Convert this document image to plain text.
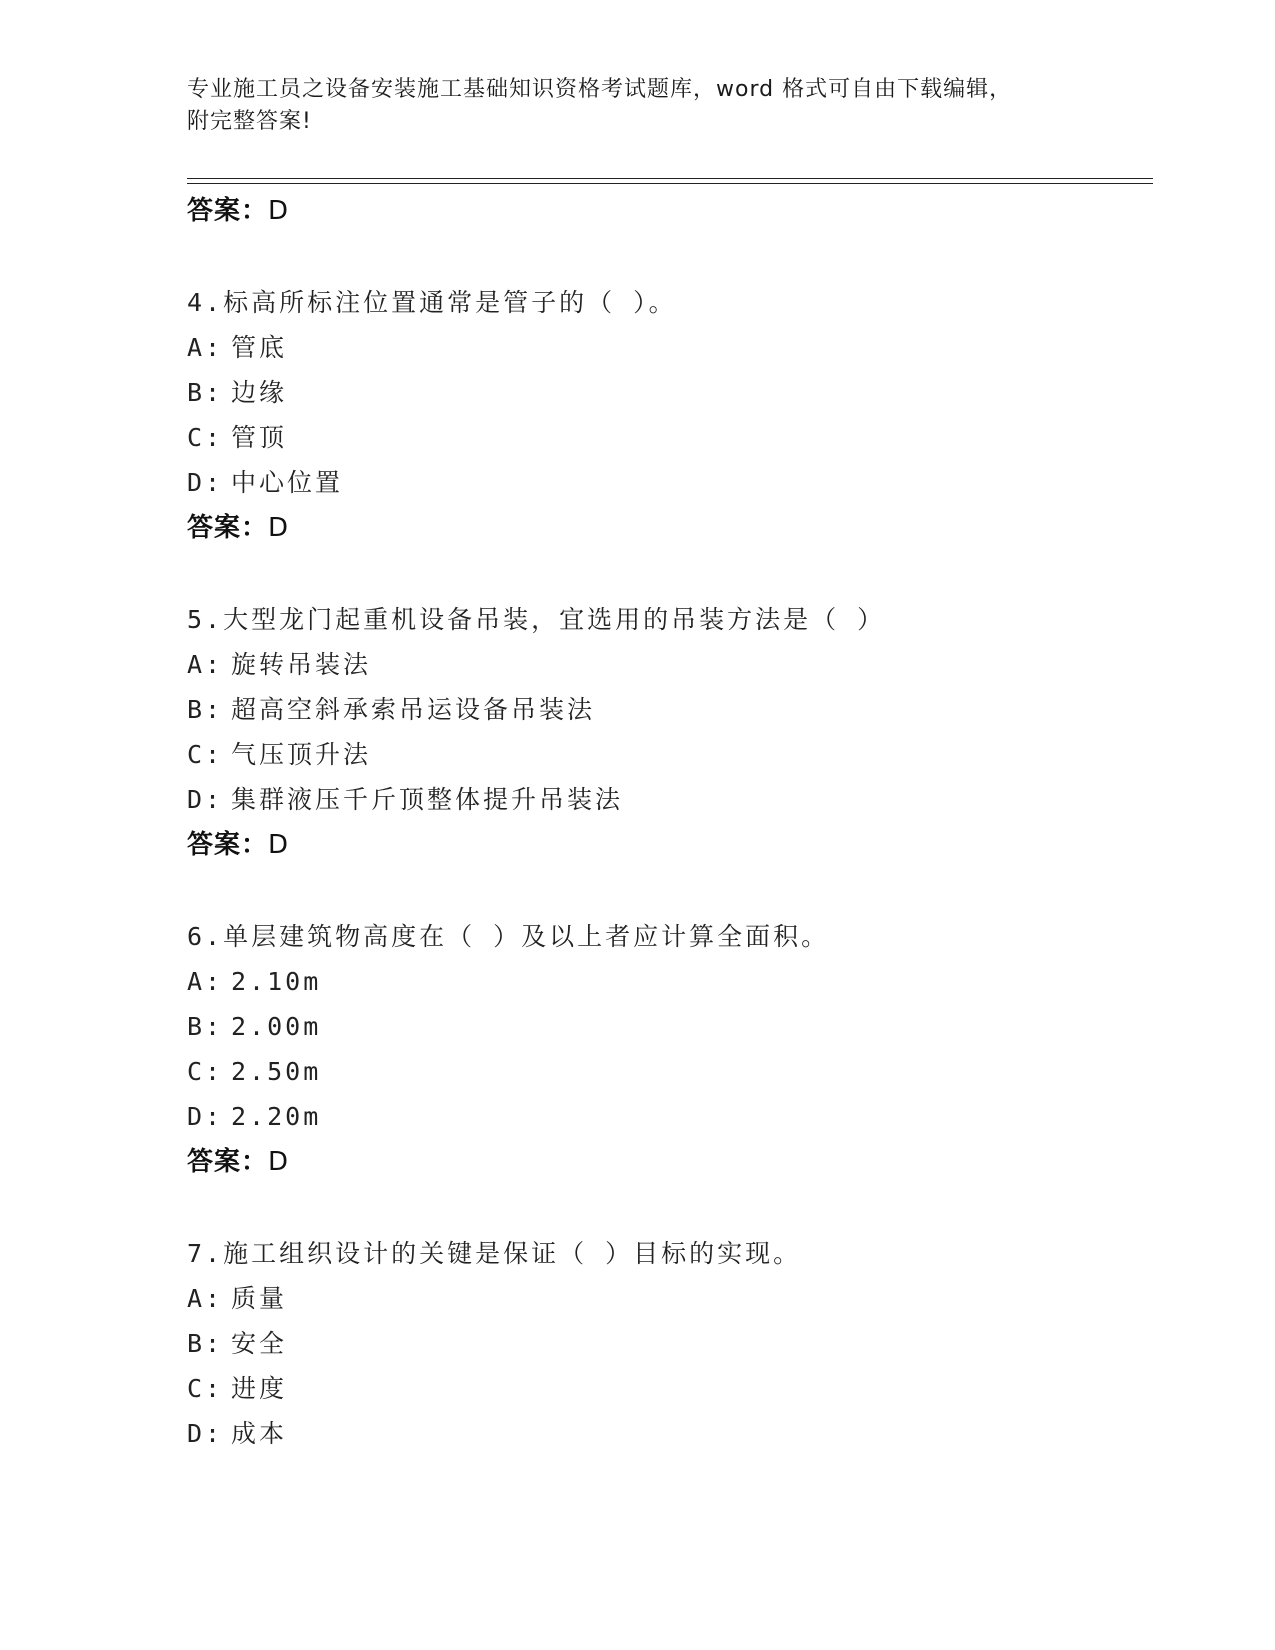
专业施工员之设备安装施工基础知识资格考试题库，word 格式可自由下载编辑，
附完整答案!
答案：D
4.标高所标注位置通常是管子的（ ）。
A: 管底
B: 边缘
C: 管顶
D: 中心位置
答案：D
5.大型龙门起重机设备吊装，宜选用的吊装方法是（ ）
A: 旋转吊装法
B: 超高空斜承索吊运设备吊装法
C: 气压顶升法
D: 集群液压千斤顶整体提升吊装法
答案：D
6.单层建筑物高度在（ ）及以上者应计算全面积。
A: 2.10m
B: 2.00m
C: 2.50m
D: 2.20m
答案：D
7.施工组织设计的关键是保证（ ）目标的实现。
A: 质量
B: 安全
C: 进度
D: 成本
